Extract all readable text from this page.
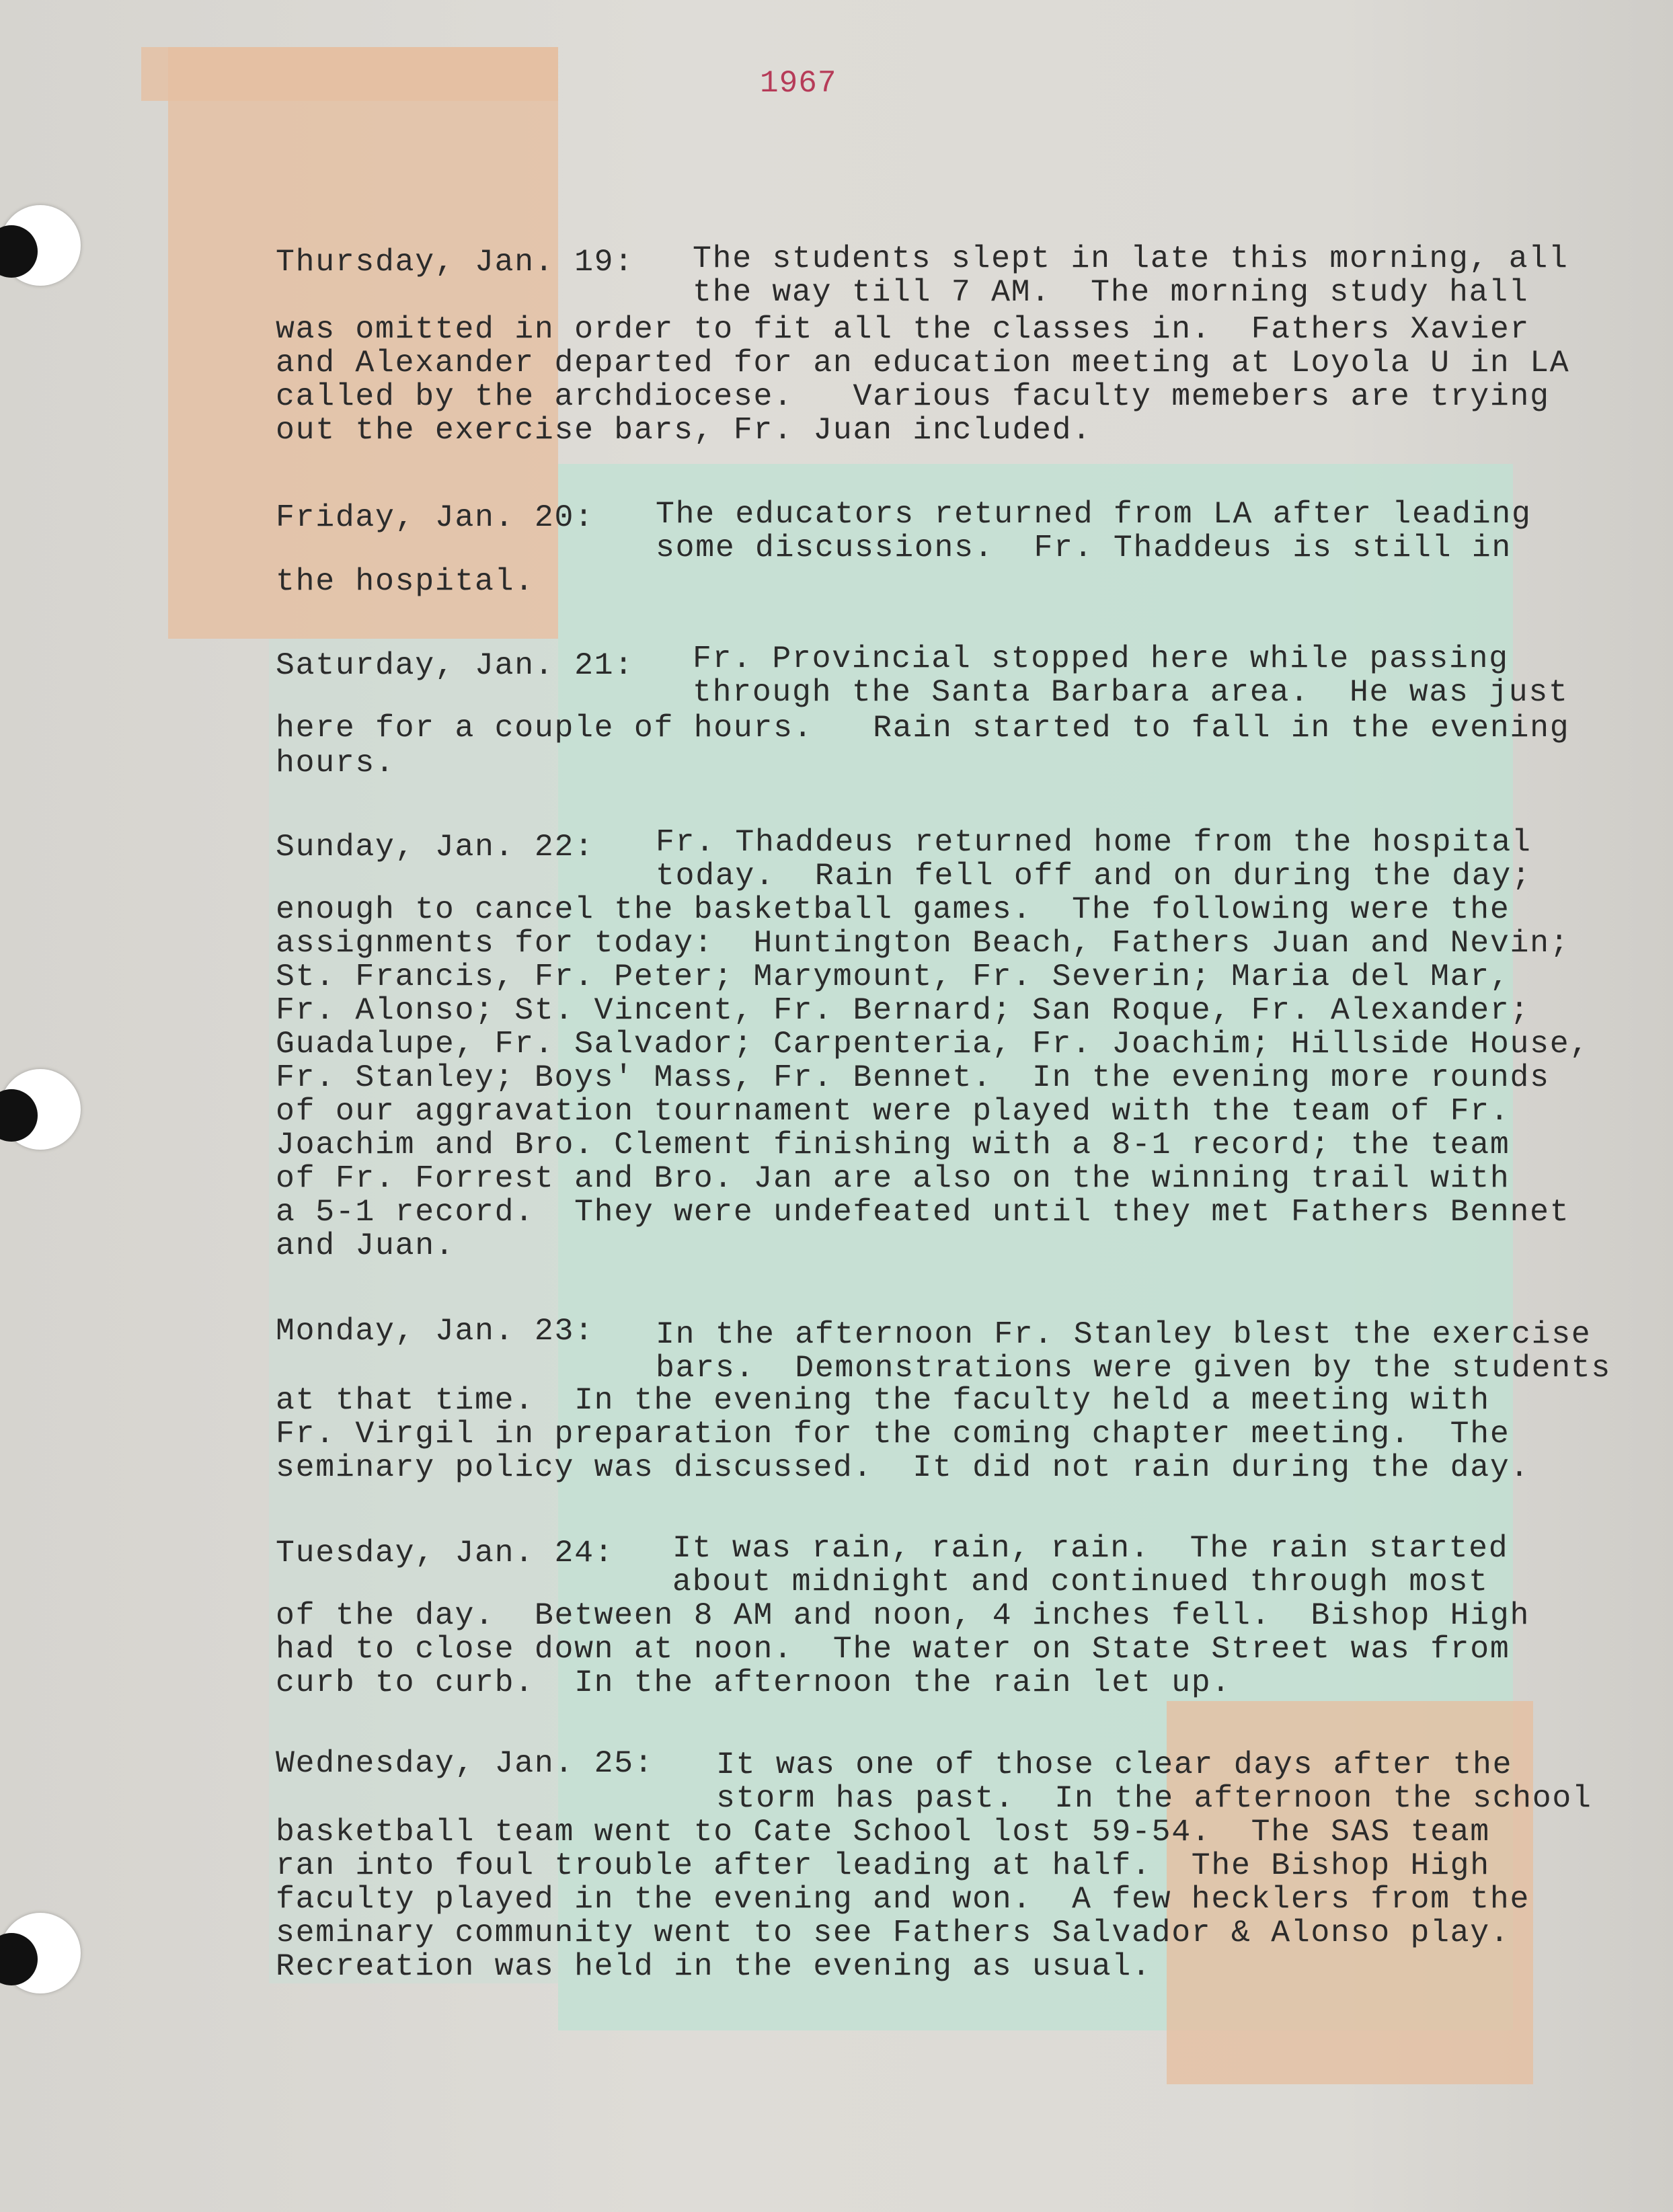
1967
Thursday, Jan. 19: The students slept in late this morning, all
the way till 7 AM.  The morning study hall
was omitted in order to fit all the classes in.  Fathers Xavier
and Alexander departed for an education meeting at Loyola U in LA
called by the archdiocese.   Various faculty memebers are trying
out the exercise bars, Fr. Juan included.
Friday, Jan. 20: The educators returned from LA after leading
some discussions.  Fr. Thaddeus is still in
the hospital.
Saturday, Jan. 21: Fr. Provincial stopped here while passing
through the Santa Barbara area.  He was just
here for a couple of hours.   Rain started to fall in the evening
hours.
Sunday, Jan. 22: Fr. Thaddeus returned home from the hospital
today.  Rain fell off and on during the day;
enough to cancel the basketball games.  The following were the
assignments for today:  Huntington Beach, Fathers Juan and Nevin;
St. Francis, Fr. Peter; Marymount, Fr. Severin; Maria del Mar,
Fr. Alonso; St. Vincent, Fr. Bernard; San Roque, Fr. Alexander;
Guadalupe, Fr. Salvador; Carpenteria, Fr. Joachim; Hillside House,
Fr. Stanley; Boys' Mass, Fr. Bennet.  In the evening more rounds
of our aggravation tournament were played with the team of Fr.
Joachim and Bro. Clement finishing with a 8-1 record; the team
of Fr. Forrest and Bro. Jan are also on the winning trail with
a 5-1 record.  They were undefeated until they met Fathers Bennet
and Juan.
Monday, Jan. 23: In the afternoon Fr. Stanley blest the exercise
bars.  Demonstrations were given by the students
at that time.  In the evening the faculty held a meeting with
Fr. Virgil in preparation for the coming chapter meeting.  The
seminary policy was discussed.  It did not rain during the day.
Tuesday, Jan. 24: It was rain, rain, rain.  The rain started
about midnight and continued through most
of the day.  Between 8 AM and noon, 4 inches fell.  Bishop High
had to close down at noon.  The water on State Street was from
curb to curb.  In the afternoon the rain let up.
Wednesday, Jan. 25: It was one of those clear days after the
storm has past.  In the afternoon the school
basketball team went to Cate School lost 59-54.  The SAS team
ran into foul trouble after leading at half.  The Bishop High
faculty played in the evening and won.  A few hecklers from the
seminary community went to see Fathers Salvador & Alonso play.
Recreation was held in the evening as usual.
